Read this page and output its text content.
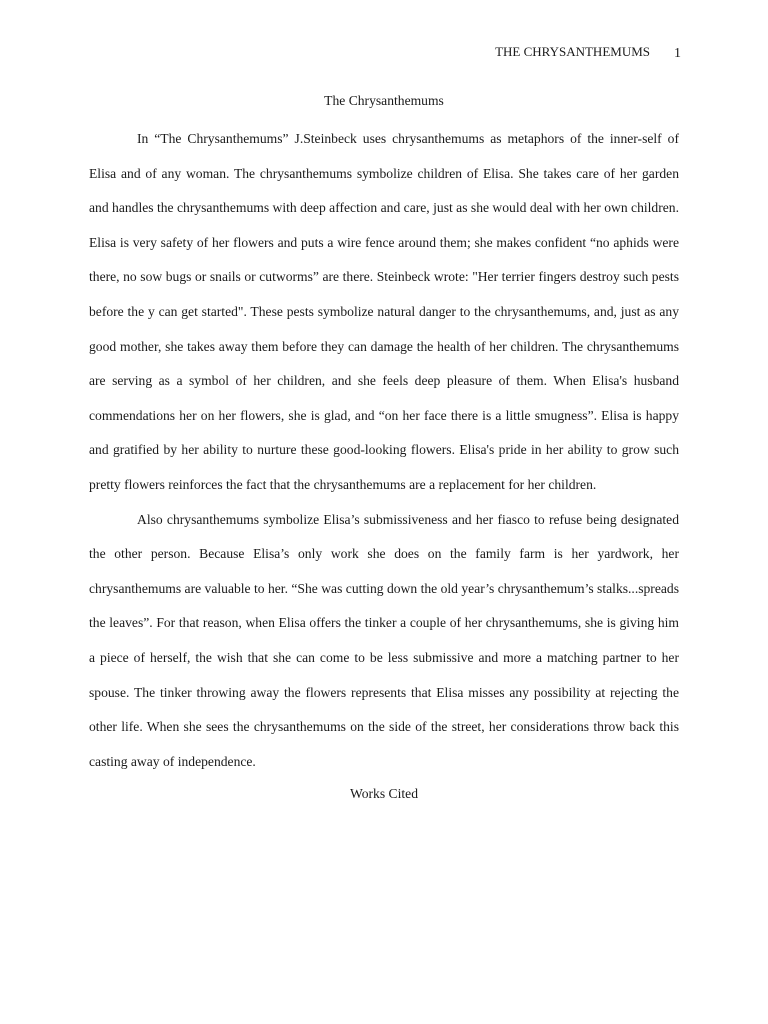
THE CHRYSANTHEMUMS 1
The Chrysanthemums

In “The Chrysanthemums” J.Steinbeck uses chrysanthemums as metaphors of the inner-self of Elisa and of any woman. The chrysanthemums symbolize children of Elisa. She takes care of her garden and handles the chrysanthemums with deep affection and care, just as she would deal with her own children. Elisa is very safety of her flowers and puts a wire fence around them; she makes confident “no aphids were there, no sow bugs or snails or cutworms” are there. Steinbeck wrote: "Her terrier fingers destroy such pests before the y can get started". These pests symbolize natural danger to the chrysanthemums, and, just as any good mother, she takes away them before they can damage the health of her children. The chrysanthemums are serving as a symbol of her children, and she feels deep pleasure of them. When Elisa's husband commendations her on her flowers, she is glad, and “on her face there is a little smugness”. Elisa is happy and gratified by her ability to nurture these good-looking flowers. Elisa's pride in her ability to grow such pretty flowers reinforces the fact that the chrysanthemums are a replacement for her children.

Also chrysanthemums symbolize Elisa’s submissiveness and her fiasco to refuse being designated the other person. Because Elisa’s only work she does on the family farm is her yardwork, her chrysanthemums are valuable to her. “She was cutting down the old year’s chrysanthemum’s stalks...spreads the leaves”. For that reason, when Elisa offers the tinker a couple of her chrysanthemums, she is giving him a piece of herself, the wish that she can come to be less submissive and more a matching partner to her spouse. The tinker throwing away the flowers represents that Elisa misses any possibility at rejecting the other life. When she sees the chrysanthemums on the side of the street, her considerations throw back this casting away of independence.

Works Cited
